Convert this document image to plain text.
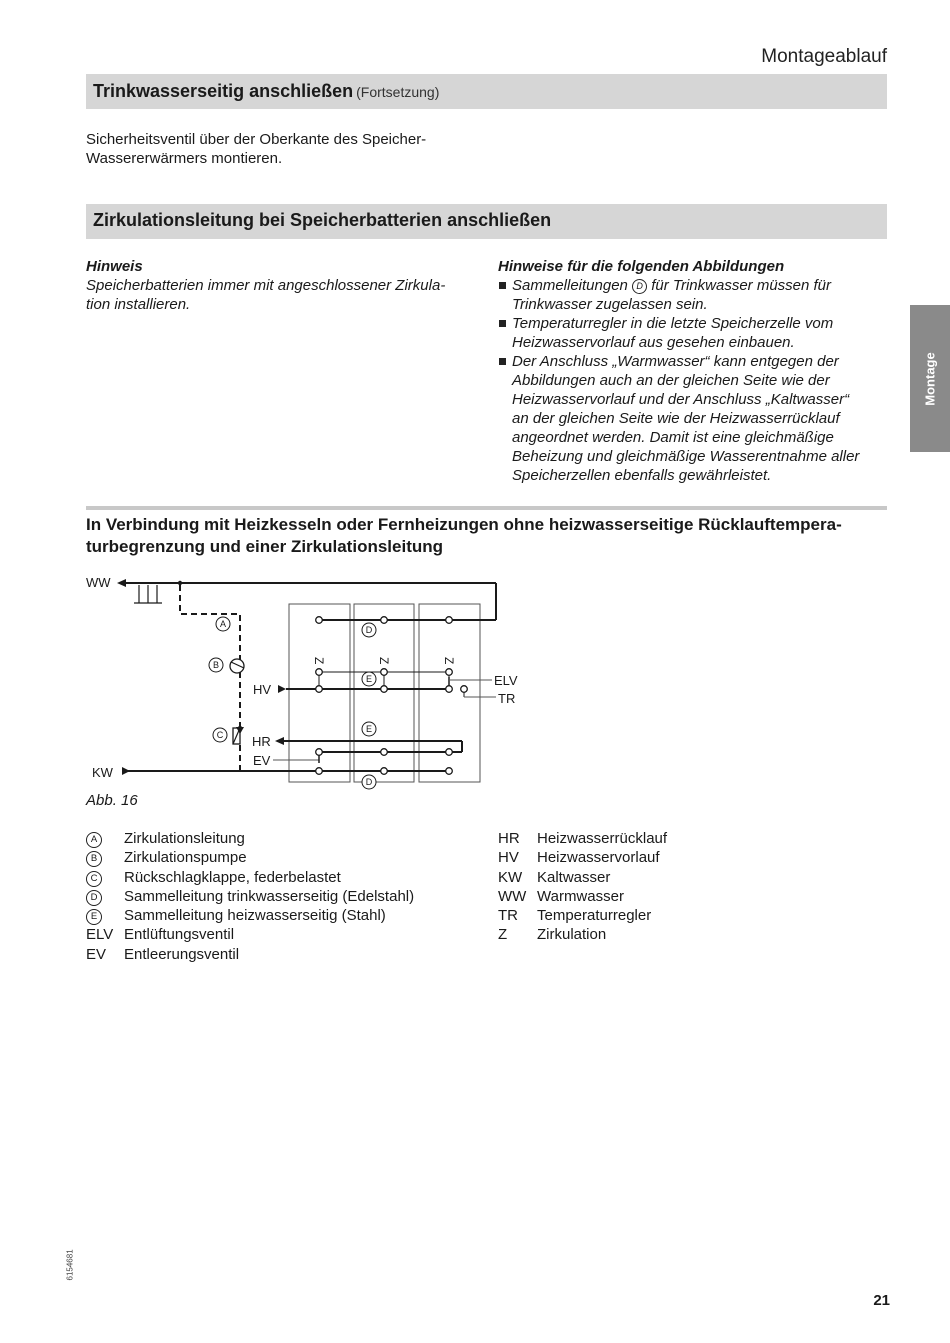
Montageablauf
Trinkwasserseitig anschließen (Fortsetzung)
Sicherheitsventil über der Oberkante des Speicher-
Wassererwärmers montieren.
Zirkulationsleitung bei Speicherbatterien anschließen
Hinweis
Speicherbatterien immer mit angeschlossener Zirkula-
tion installieren.
Hinweise für die folgenden Abbildungen
Sammelleitungen D für Trinkwasser müssen für
Trinkwasser zugelassen sein.
Temperaturregler in die letzte Speicherzelle vom
Heizwasservorlauf aus gesehen einbauen.
Der Anschluss „Warmwasser“ kann entgegen der
Abbildungen auch an der gleichen Seite wie der
Heizwasservorlauf und der Anschluss „Kaltwasser“
an der gleichen Seite wie der Heizwasserrücklauf
angeordnet werden. Damit ist eine gleichmäßige
Beheizung und gleichmäßige Wasserentnahme aller
Speicherzellen ebenfalls gewährleistet.
In Verbindung mit Heizkesseln oder Fernheizungen ohne heizwasserseitige Rücklauftempera-
turbegrenzung und einer Zirkulationsleitung
WW
KW
HV
HR
EV
ELV
TR
A
B
C
D
E
E
D
Z	Z	Z
Abb. 16
A	Zirkulationsleitung
B	Zirkulationspumpe
C	Rückschlagklappe, federbelastet
D	Sammelleitung trinkwasserseitig (Edelstahl)
E	Sammelleitung heizwasserseitig (Stahl)
ELV Entlüftungsventil
EV	Entleerungsventil
HR	Heizwasserrücklauf
HV	Heizwasservorlauf
KW Kaltwasser
WW Warmwasser
TR	Temperaturregler
Z	Zirkulation
Montage
6154681
21
